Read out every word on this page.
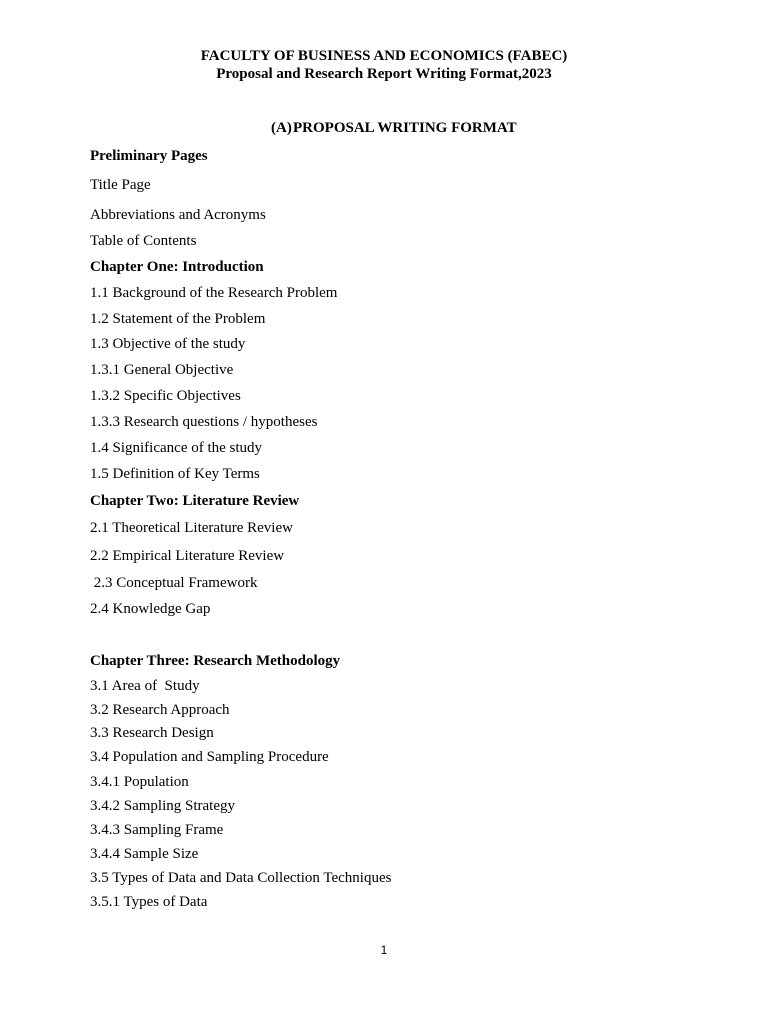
FACULTY OF BUSINESS AND ECONOMICS (FABEC)
Proposal and Research Report Writing Format,2023
(A)PROPOSAL WRITING FORMAT
Preliminary Pages
Title Page
Abbreviations and Acronyms
Table of Contents
Chapter One: Introduction
1.1 Background of the Research Problem
1.2 Statement of the Problem
1.3 Objective of the study
1.3.1 General Objective
1.3.2 Specific Objectives
1.3.3 Research questions / hypotheses
1.4 Significance of the study
1.5 Definition of Key Terms
Chapter Two: Literature Review
2.1 Theoretical Literature Review
2.2 Empirical Literature Review
2.3 Conceptual Framework
2.4 Knowledge Gap
Chapter Three: Research Methodology
3.1 Area of  Study
3.2 Research Approach
3.3 Research Design
3.4 Population and Sampling Procedure
3.4.1 Population
3.4.2 Sampling Strategy
3.4.3 Sampling Frame
3.4.4 Sample Size
3.5 Types of Data and Data Collection Techniques
3.5.1 Types of Data
1
